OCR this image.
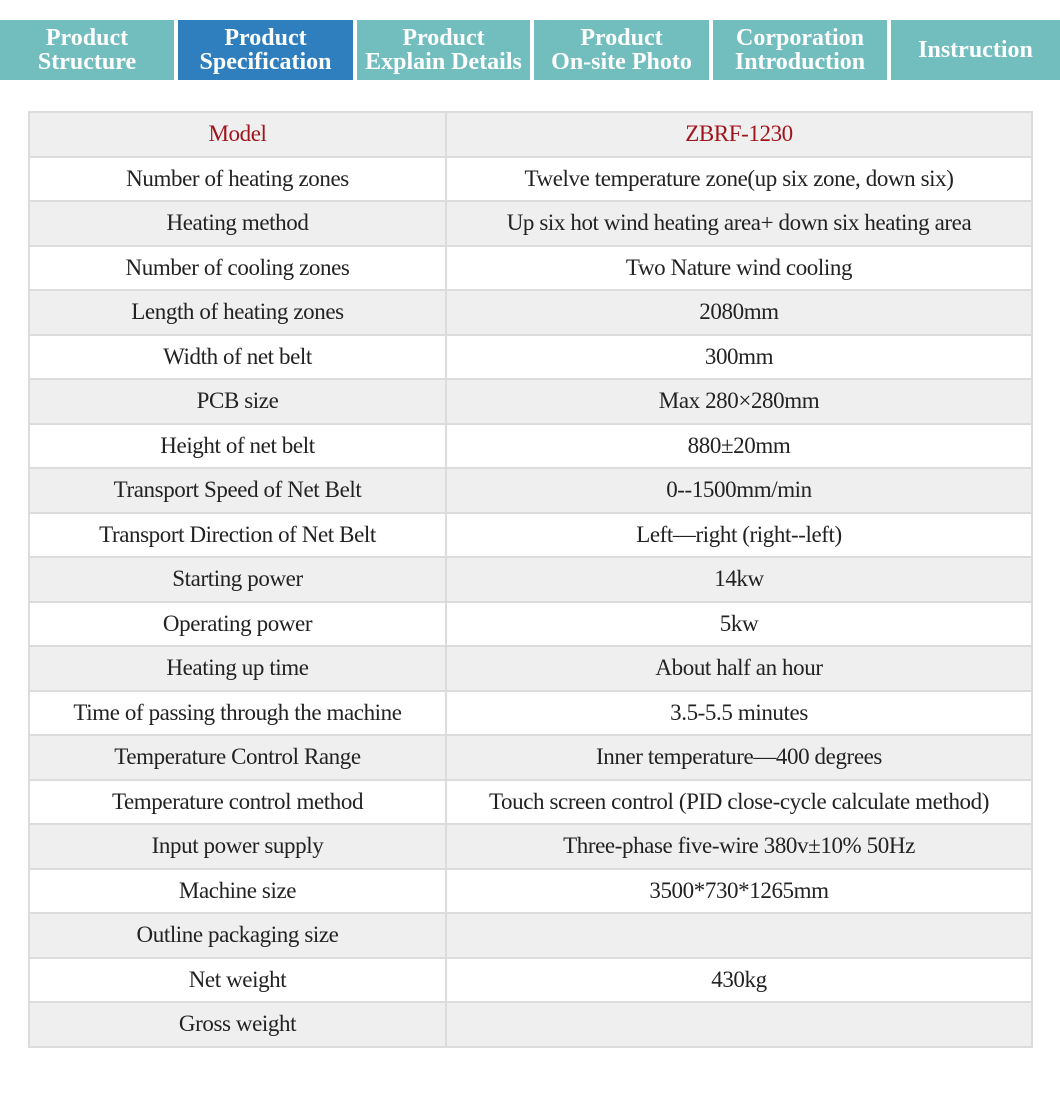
Product
Structure
Product
Specification
Product
Explain Details
Product
On-site Photo
Corporation
Introduction Instruction
Model	ZBRF-1230
Number of heating zones	Twelve temperature zone(up six zone, down six)
Heating method	Up six hot wind heating area+ down six heating area
Number of cooling zones	Two Nature wind cooling
Length of heating zones	2080mm
Width of net belt	300mm
PCB size	Max 280×280mm
Height of net belt	880±20mm
Transport Speed of Net Belt	0--1500mm/min
Transport Direction of Net Belt	Left—right (right--left)
Starting power	14kw
Operating power	5kw
Heating up time	About half an hour
Time of passing through the machine	3.5-5.5 minutes
Temperature Control Range	Inner temperature—400 degrees
Temperature control method	Touch screen control (PID close-cycle calculate method)
Input power supply	Three-phase five-wire 380v±10% 50Hz
Machine size	3500*730*1265mm
Outline packaging size	
Net weight	430kg
Gross weight	
